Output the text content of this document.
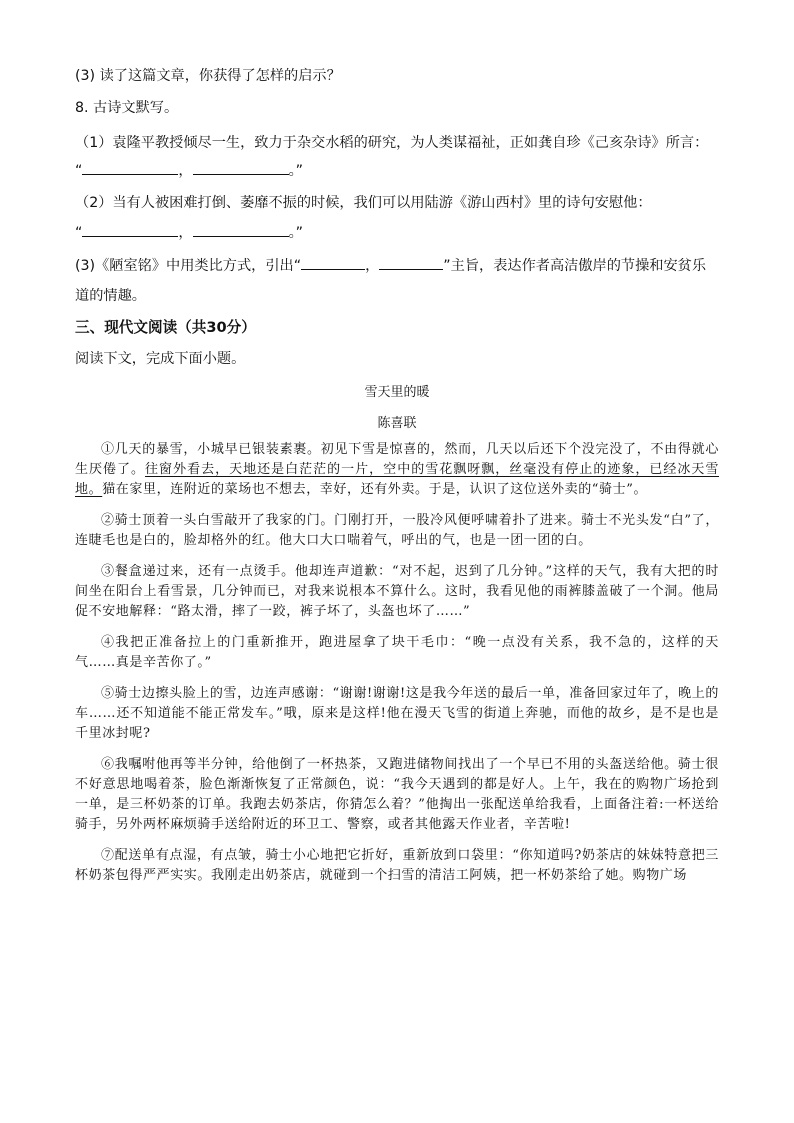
(3) 读了这篇文章，你获得了怎样的启示？
8. 古诗文默写。
（1）袁隆平教授倾尽一生，致力于杂交水稻的研究，为人类谋福祉，正如龚自珍《己亥杂诗》所言：
“	，	。”
（2）当有人被困难打倒、萎靡不振的时候，我们可以用陆游《游山西村》里的诗句安慰他：
“	，	。”
(3)《陋室铭》中用类比方式，引出“	，	”主旨，表达作者高洁傲岸的节操和安贫乐
道的情趣。
三、现代文阅读（共30分）
阅读下文，完成下面小题。
雪天里的暖
陈喜联

①几天的暴雪，小城早已银装素裹。初见下雪是惊喜的，然而，几天以后还下个没完没了，不由得就心生厌倦了。往窗外看去，天地还是白茫茫的一片，空中的雪花飘呀飘，丝毫没有停止的迹象，已经冰天雪地。猫在家里，连附近的菜场也不想去，幸好，还有外卖。于是，认识了这位送外卖的“骑士”。

②骑士顶着一头白雪敲开了我家的门。门刚打开，一股冷风便呼啸着扑了进来。骑士不光头发“白”了，连睫毛也是白的，脸却格外的红。他大口大口喘着气，呼出的气，也是一团一团的白。

③餐盒递过来，还有一点烫手。他却连声道歉：“对不起，迟到了几分钟。”这样的天气，我有大把的时间坐在阳台上看雪景，几分钟而已，对我来说根本不算什么。这时，我看见他的雨裤膝盖破了一个洞。他局促不安地解释：“路太滑，摔了一跤，裤子坏了，头盔也坏了……”

④我把正准备拉上的门重新推开，跑进屋拿了块干毛巾：“晚一点没有关系，我不急的，这样的天气……真是辛苦你了。”

⑤骑士边擦头脸上的雪，边连声感谢：“谢谢!谢谢!这是我今年送的最后一单，准备回家过年了，晚上的车……还不知道能不能正常发车。”哦，原来是这样!他在漫天飞雪的街道上奔驰，而他的故乡，是不是也是千里冰封呢?

⑥我嘱咐他再等半分钟，给他倒了一杯热茶，又跑进储物间找出了一个早已不用的头盔送给他。骑士很不好意思地喝着茶，脸色渐渐恢复了正常颜色，说：“我今天遇到的都是好人。上午，我在的购物广场抢到一单，是三杯奶茶的订单。我跑去奶茶店，你猜怎么着？”他掏出一张配送单给我看，上面备注着:一杯送给骑手，另外两杯麻烦骑手送给附近的环卫工、警察，或者其他露天作业者，辛苦啦!

⑦配送单有点湿，有点皱，骑士小心地把它折好，重新放到口袋里：“你知道吗?奶茶店的妹妹特意把三杯奶茶包得严严实实。我刚走出奶茶店，就碰到一个扫雪的清洁工阿姨，把一杯奶茶给了她。购物广场
